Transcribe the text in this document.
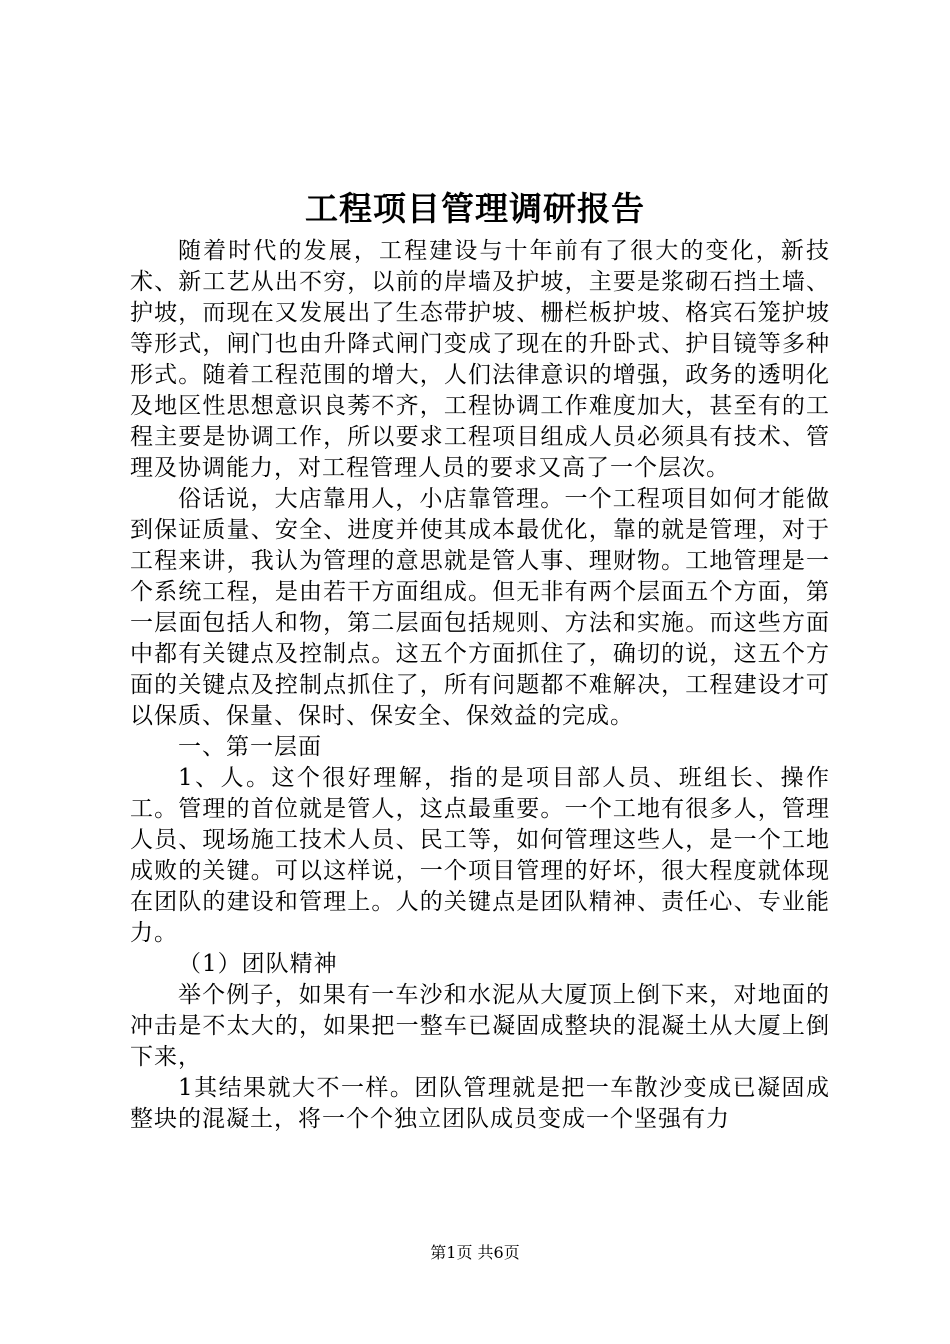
工程项目管理调研报告

随着时代的发展，工程建设与十年前有了很大的变化，新技术、新工艺从出不穷，以前的岸墙及护坡，主要是浆砌石挡土墙、护坡，而现在又发展出了生态带护坡、栅栏板护坡、格宾石笼护坡等形式，闸门也由升降式闸门变成了现在的升卧式、护目镜等多种形式。随着工程范围的增大，人们法律意识的增强，政务的透明化及地区性思想意识良莠不齐，工程协调工作难度加大，甚至有的工程主要是协调工作，所以要求工程项目组成人员必须具有技术、管理及协调能力，对工程管理人员的要求又高了一个层次。

俗话说，大店靠用人，小店靠管理。一个工程项目如何才能做到保证质量、安全、进度并使其成本最优化，靠的就是管理，对于工程来讲，我认为管理的意思就是管人事、理财物。工地管理是一个系统工程，是由若干方面组成。但无非有两个层面五个方面，第一层面包括人和物，第二层面包括规则、方法和实施。而这些方面中都有关键点及控制点。这五个方面抓住了，确切的说，这五个方面的关键点及控制点抓住了，所有问题都不难解决，工程建设才可以保质、保量、保时、保安全、保效益的完成。

一、第一层面

1、人。这个很好理解，指的是项目部人员、班组长、操作工。管理的首位就是管人，这点最重要。一个工地有很多人，管理人员、现场施工技术人员、民工等，如何管理这些人，是一个工地成败的关键。可以这样说，一个项目管理的好坏，很大程度就体现在团队的建设和管理上。人的关键点是团队精神、责任心、专业能力。

（1）团队精神

举个例子，如果有一车沙和水泥从大厦顶上倒下来，对地面的冲击是不太大的，如果把一整车已凝固成整块的混凝土从大厦上倒下来，

1其结果就大不一样。团队管理就是把一车散沙变成已凝固成整块的混凝土，将一个个独立团队成员变成一个坚强有力

第1页 共6页
